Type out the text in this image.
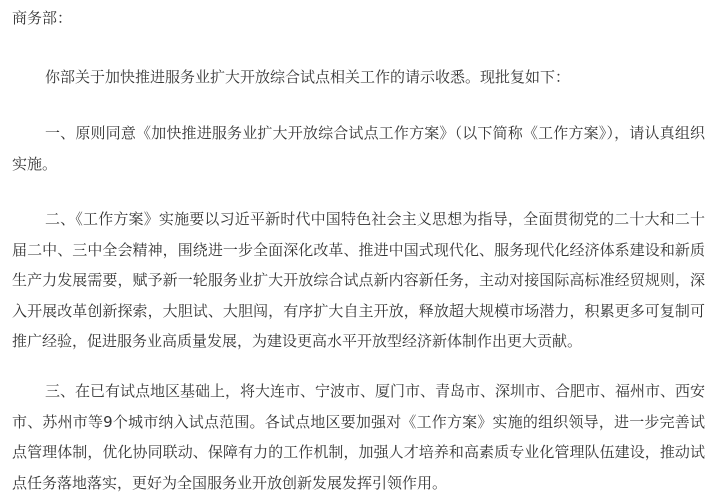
商务部：

你部关于加快推进服务业扩大开放综合试点相关工作的请示收悉。现批复如下：

一、原则同意《加快推进服务业扩大开放综合试点工作方案》（以下简称《工作方案》），请认真组织实施。

二、《工作方案》实施要以习近平新时代中国特色社会主义思想为指导，全面贯彻党的二十大和二十届二中、三中全会精神，围绕进一步全面深化改革、推进中国式现代化、服务现代化经济体系建设和新质生产力发展需要，赋予新一轮服务业扩大开放综合试点新内容新任务，主动对接国际高标准经贸规则，深入开展改革创新探索，大胆试、大胆闯，有序扩大自主开放，释放超大规模市场潜力，积累更多可复制可推广经验，促进服务业高质量发展，为建设更高水平开放型经济新体制作出更大贡献。

三、在已有试点地区基础上，将大连市、宁波市、厦门市、青岛市、深圳市、合肥市、福州市、西安市、苏州市等9个城市纳入试点范围。各试点地区要加强对《工作方案》实施的组织领导，进一步完善试点管理体制，优化协同联动、保障有力的工作机制，加强人才培养和高素质专业化管理队伍建设，推动试点任务落地落实，更好为全国服务业开放创新发展发挥引领作用。
